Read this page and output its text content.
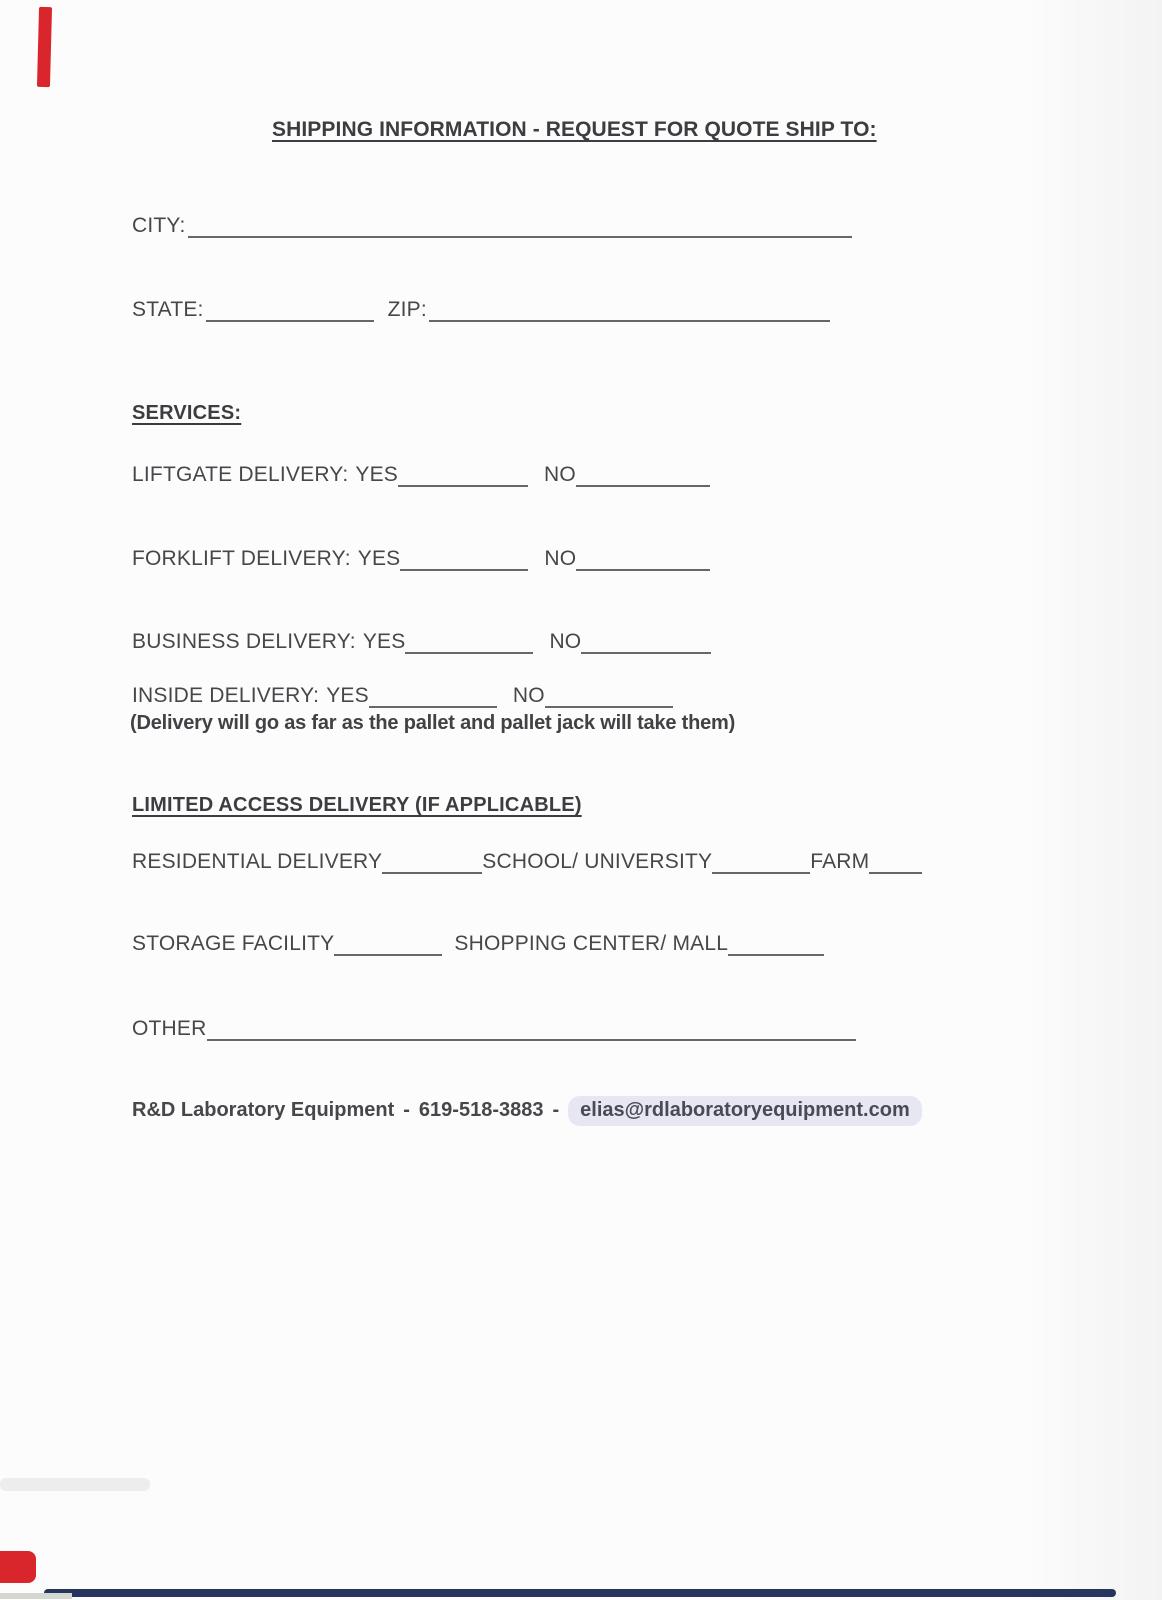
SHIPPING INFORMATION - REQUEST FOR QUOTE SHIP TO:
CITY:
STATE:	ZIP:
SERVICES:
LIFTGATE DELIVERY: YES	NO
FORKLIFT DELIVERY: YES	NO
BUSINESS DELIVERY: YES	NO
INSIDE DELIVERY: YES	NO
(Delivery will go as far as the pallet and pallet jack will take them)
LIMITED ACCESS DELIVERY (IF APPLICABLE)
RESIDENTIAL DELIVERY	SCHOOL/ UNIVERSITY	FARM
STORAGE FACILITY	SHOPPING CENTER/ MALL
OTHER
R&D Laboratory Equipment - 619-518-3883 -	elias@rdlaboratoryequipment.com
